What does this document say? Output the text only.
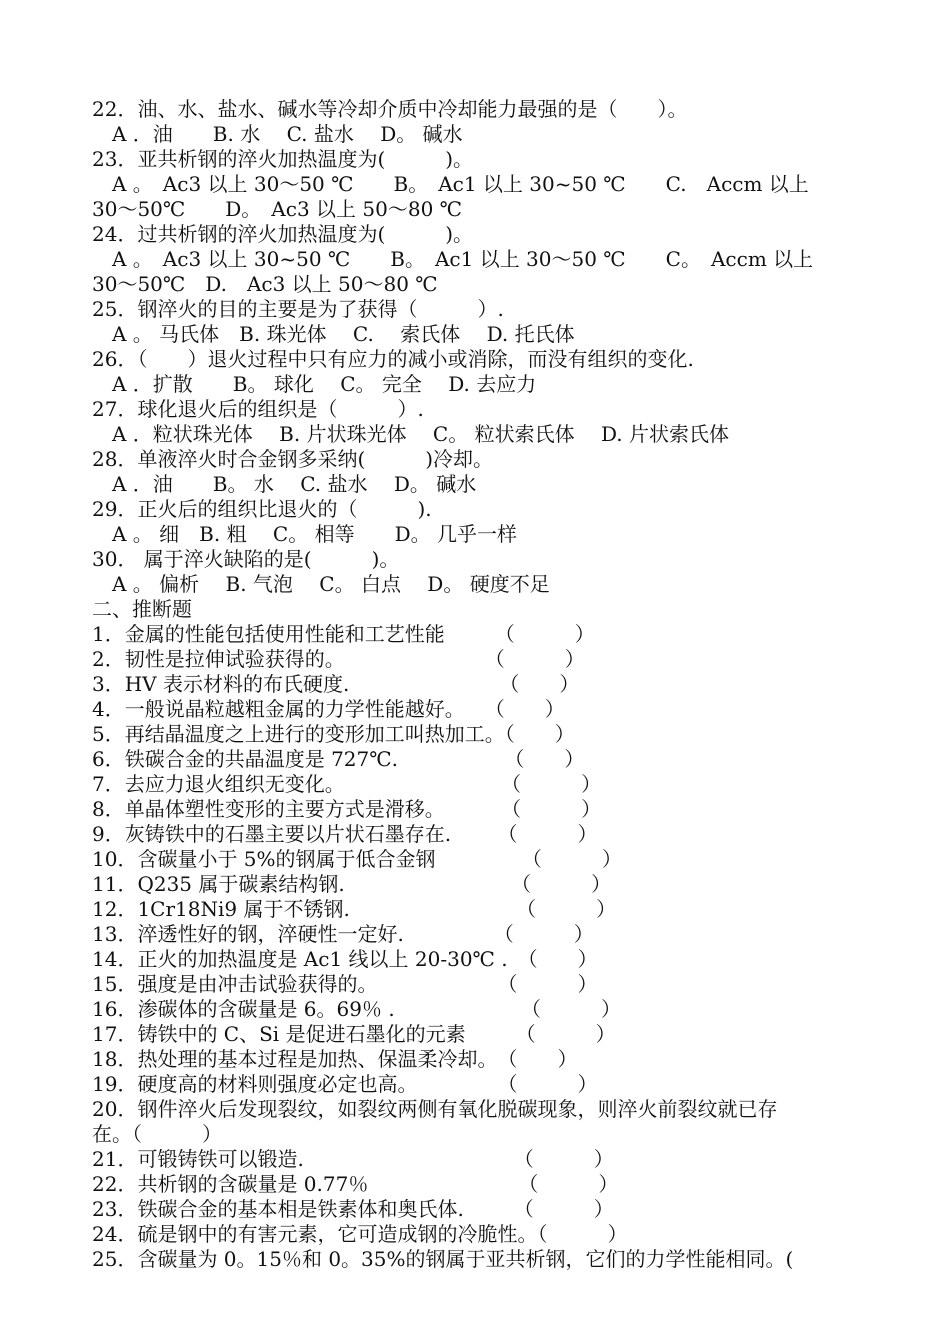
22．油、水、盐水、碱水等冷却介质中冷却能力最强的是（　　）。
　A ．油　　B. 水　 C. 盐水　 D。 碱水
23．亚共析钢的淬火加热温度为(　　　)。
　A 。　Ac3 以上 30～50 ℃　　B。　Ac1 以上 30~50 ℃　　C.　Accm 以上
30～50℃　　D。　Ac3 以上 50～80 ℃
24．过共析钢的淬火加热温度为(　　　)。
　A 。　Ac3 以上 30~50 ℃　　B。　Ac1 以上 30～50 ℃　　C。　Accm 以上
30～50℃　D.　Ac3 以上 50～80 ℃
25．钢淬火的目的主要是为了获得（　　　）.
　A 。 马氏体　B. 珠光体　 C.　 索氏体　 D. 托氏体
26．（　　）退火过程中只有应力的减小或消除，而没有组织的变化.
　A ．扩散　　B。 球化　 C。 完全　 D. 去应力
27．球化退火后的组织是（　　　）.
　A ．粒状珠光体　 B. 片状珠光体　 C。 粒状索氏体　 D. 片状索氏体
28．单液淬火时合金钢多采纳(　　　)冷却。
　A ．油　　B。 水　 C. 盐水　 D。 碱水
29．正火后的组织比退火的（　　　).
　A 。 细　B. 粗　 C。 相等　　D。 几乎一样
30． 属于淬火缺陷的是(　　　)。
　A 。 偏析　 B. 气泡　 C。 白点　 D。 硬度不足
二、推断题
1．金属的性能包括使用性能和工艺性能　　　（　　　）
2．韧性是拉伸试验获得的。　　　　　　　　（　　　）
3．HV 表示材料的布氏硬度.　　　　　　　　（　　）
4．一般说晶粒越粗金属的力学性能越好。　　（　　）
5．再结晶温度之上进行的变形加工叫热加工。（　　）
6．铁碳合金的共晶温度是 727℃.　　　　　 （　　）
7．去应力退火组织无变化。　　　　　　　　 （　　　）
8．单晶体塑性变形的主要方式是滑移。　　　 （　　　）
9．灰铸铁中的石墨主要以片状石墨存在.　　 （　　　）
10．含碳量小于 5%的钢属于低合金钢　　　　 （　　　）
11．Q235 属于碳素结构钢.　　　　　　　　 （　　　）
12．1Cr18Ni9 属于不锈钢.　　　　　　　　 （　　　）
13．淬透性好的钢，淬硬性一定好.　　　　　（　　　）
14．正火的加热温度是 Ac1 线以上 20-30℃ .　（　　）
15．强度是由冲击试验获得的。　　　　　　　（　　　）
16．渗碳体的含碳量是 6。69％ .　　　　　　 （　　　）
17．铸铁中的 C、Si 是促进石墨化的元素　　　（　　　）
18．热处理的基本过程是加热、保温柔冷却。　（　　）
19．硬度高的材料则强度必定也高。　　　　　（　　　）
20．钢件淬火后发现裂纹，如裂纹两侧有氧化脱碳现象，则淬火前裂纹就已存
在。（　　　）
21．可锻铸铁可以锻造.　　　　　　　　　　　（　　　）
22．共析钢的含碳量是 0.77％　　　　　　　　（　　　）
23．铁碳合金的基本相是铁素体和奥氏体.　　　（　　　）
24．硫是钢中的有害元素，它可造成钢的冷脆性。（　　　）
25．含碳量为 0。15％和 0。35%的钢属于亚共析钢，它们的力学性能相同。(
